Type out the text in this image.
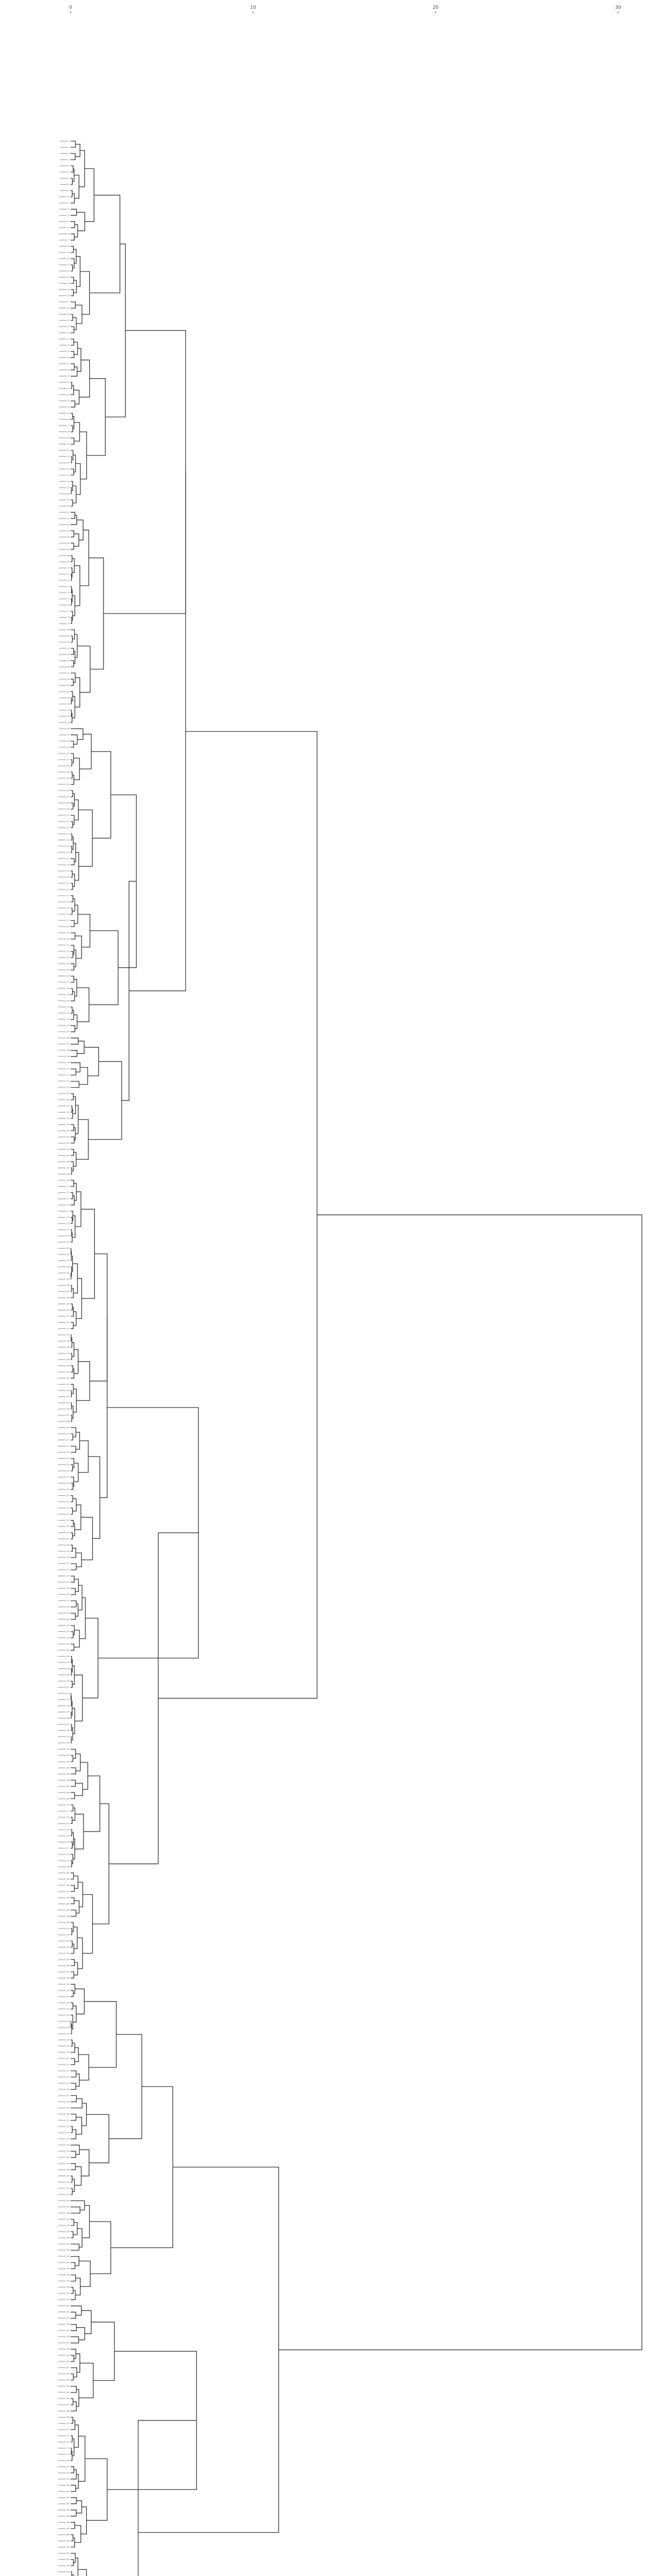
0	10	20	30
comment_1
comment_2
comment_3
comment_4
comment_5
comment_6
comment_7
comment_8
comment_9
comment_10
comment_11
comment_12
comment_13
comment_14
comment_15
comment_16
comment_17
comment_18
comment_19
comment_20
comment_21
comment_22
comment_23
comment_24
comment_25
comment_26
comment_27
comment_28
comment_29
comment_30
comment_31
comment_32
comment_33
comment_34
comment_35
comment_36
comment_37
comment_38
comment_39
comment_40
comment_41
comment_42
comment_43
comment_44
comment_45
comment_46
comment_47
comment_48
comment_49
comment_50
comment_51
comment_52
comment_53
comment_54
comment_55
comment_56
comment_57
comment_58
comment_59
comment_60
comment_61
comment_62
comment_63
comment_64
comment_65
comment_66
comment_67
comment_68
comment_69
comment_70
comment_71
comment_72
comment_73
comment_74
comment_75
comment_76
comment_77
comment_78
comment_79
comment_80
comment_81
comment_82
comment_83
comment_84
comment_85
comment_86
comment_87
comment_88
comment_89
comment_90
comment_91
comment_92
comment_93
comment_94
comment_95
comment_96
comment_97
comment_98
comment_99
comment_100
comment_101
comment_102
comment_103
comment_104
comment_105
comment_106
comment_107
comment_108
comment_109
comment_110
comment_111
comment_112
comment_113
comment_114
comment_115
comment_116
comment_117
comment_118
comment_119
comment_120
comment_121
comment_122
comment_123
comment_124
comment_125
comment_126
comment_127
comment_128
comment_129
comment_130
comment_131
comment_132
comment_133
comment_134
comment_135
comment_136
comment_137
comment_138
comment_139
comment_140
comment_141
comment_142
comment_143
comment_144
comment_145
comment_146
comment_147
comment_148
comment_149
comment_150
comment_151
comment_152
comment_153
comment_154
comment_155
comment_156
comment_157
comment_158
comment_159
comment_160
comment_161
comment_162
comment_163
comment_164
comment_165
comment_166
comment_167
comment_168
comment_169
comment_170
comment_171
comment_172
comment_173
comment_174
comment_175
comment_176
comment_177
comment_178
comment_179
comment_180
comment_181
comment_182
comment_183
comment_184
comment_185
comment_186
comment_187
comment_188
comment_189
comment_190
comment_191
comment_192
comment_193
comment_194
comment_195
comment_196
comment_197
comment_198
comment_199
comment_200
comment_201
comment_202
comment_203
comment_204
comment_205
comment_206
comment_207
comment_208
comment_209
comment_210
comment_211
comment_212
comment_213
comment_214
comment_215
comment_216
comment_217
comment_218
comment_219
comment_220
comment_221
comment_222
comment_223
comment_224
comment_225
comment_226
comment_227
comment_228
comment_229
comment_230
comment_231
comment_232
comment_233
comment_234
comment_235
comment_236
comment_237
comment_238
comment_239
comment_240
comment_241
comment_242
comment_243
comment_244
comment_245
comment_246
comment_247
comment_248
comment_249
comment_250
comment_251
comment_252
comment_253
comment_254
comment_255
comment_256
comment_257
comment_258
comment_259
comment_260
comment_261
comment_262
comment_263
comment_264
comment_265
comment_266
comment_267
comment_268
comment_269
comment_270
comment_271
comment_272
comment_273
comment_274
comment_275
comment_276
comment_277
comment_278
comment_279
comment_280
comment_281
comment_282
comment_283
comment_284
comment_285
comment_286
comment_287
comment_288
comment_289
comment_290
comment_291
comment_292
comment_293
comment_294
comment_295
comment_296
comment_297
comment_298
comment_299
comment_300
comment_301
comment_302
comment_303
comment_304
comment_305
comment_306
comment_307
comment_308
comment_309
comment_310
comment_311
comment_312
comment_313
comment_314
comment_315
comment_316
comment_317
comment_318
comment_319
comment_320
comment_321
comment_322
comment_323
comment_324
comment_325
comment_326
comment_327
comment_328
comment_329
comment_330
comment_331
comment_332
comment_333
comment_334
comment_335
comment_336
comment_337
comment_338
comment_339
comment_340
comment_341
comment_342
comment_343
comment_344
comment_345
comment_346
comment_347
comment_348
comment_349
comment_350
comment_351
comment_352
comment_353
comment_354
comment_355
comment_356
comment_357
comment_358
comment_359
comment_360
comment_361
comment_362
comment_363
comment_364
comment_365
comment_366
comment_367
comment_368
comment_369
comment_370
comment_371
comment_372
comment_373
comment_374
comment_375
comment_376
comment_377
comment_378
comment_379
comment_380
comment_381
comment_382
comment_383
comment_384
comment_385
comment_386
comment_387
comment_388
comment_389
comment_390
comment_391
comment_392
comment_393
comment_394
